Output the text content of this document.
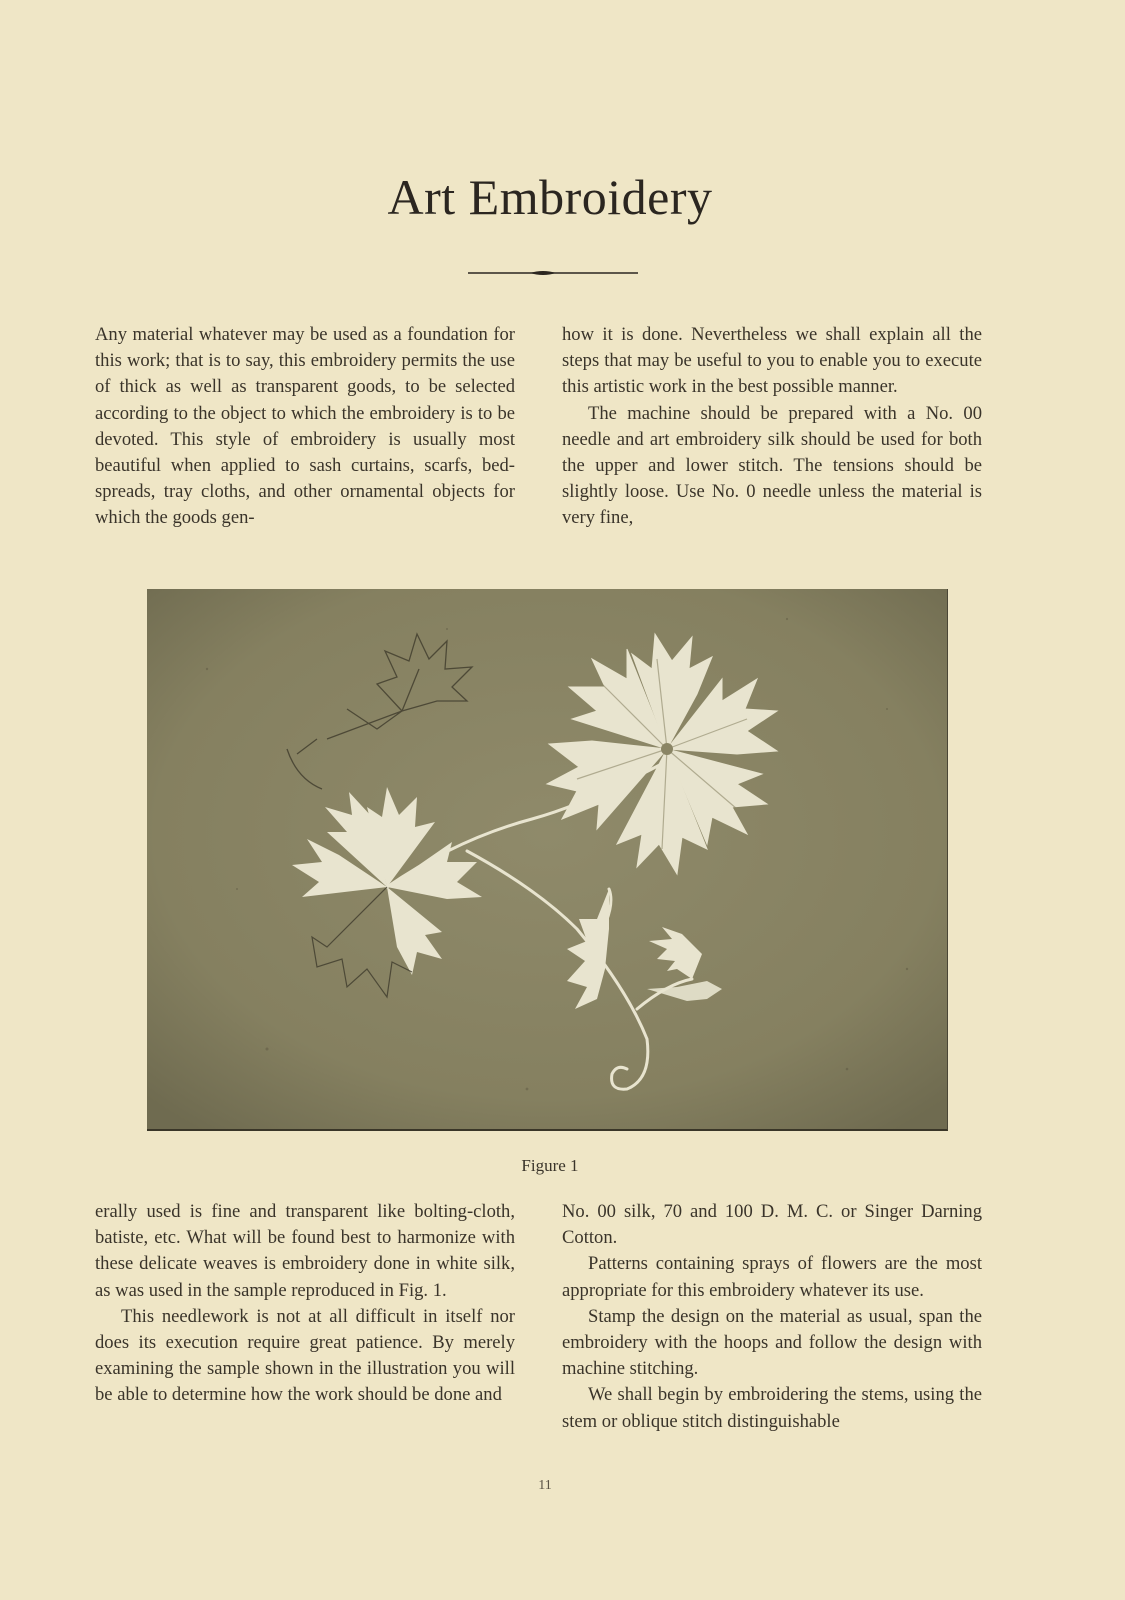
Art Embroidery

Any material whatever may be used as a foundation for this work; that is to say, this embroidery permits the use of thick as well as transparent goods, to be selected according to the object to which the embroidery is to be devoted. This style of embroidery is usually most beautiful when applied to sash curtains, scarfs, bed-spreads, tray cloths, and other ornamental objects for which the goods gen-

how it is done. Nevertheless we shall explain all the steps that may be useful to you to enable you to execute this artistic work in the best possible manner.

The machine should be prepared with a No. 00 needle and art embroidery silk should be used for both the upper and lower stitch. The tensions should be slightly loose. Use No. 0 needle unless the material is very fine,

Figure 1

erally used is fine and transparent like bolting-cloth, batiste, etc. What will be found best to harmonize with these delicate weaves is embroidery done in white silk, as was used in the sample reproduced in Fig. 1.

This needlework is not at all difficult in itself nor does its execution require great patience. By merely examining the sample shown in the illustration you will be able to determine how the work should be done and

No. 00 silk, 70 and 100 D. M. C. or Singer Darning Cotton.

Patterns containing sprays of flowers are the most appropriate for this embroidery whatever its use.

Stamp the design on the material as usual, span the embroidery with the hoops and follow the design with machine stitching.

We shall begin by embroidering the stems, using the stem or oblique stitch distinguishable

11
